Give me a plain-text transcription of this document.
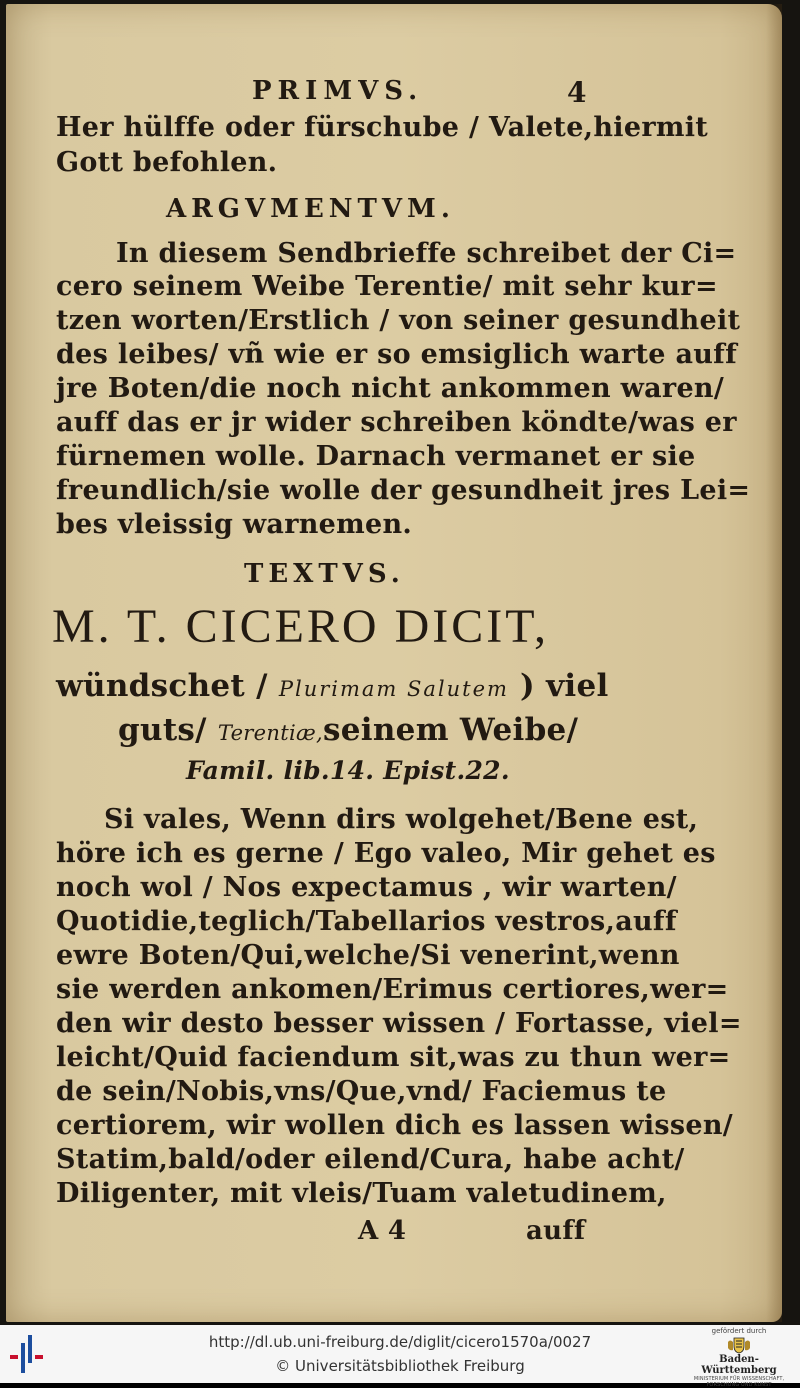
PRIMVS.	4
Her hülffe oder fürschube / Valete,hiermit
Gott befohlen.
ARGVMENTVM.
In diesem Sendbrieffe schreibet der Ci=
cero seinem Weibe Terentie/ mit sehr kur=
tzen worten/Erstlich / von seiner gesundheit
des leibes/ vñ wie er so emsiglich warte auff
jre Boten/die noch nicht ankommen waren/
auff das er jr wider schreiben köndte/was er
fürnemen wolle. Darnach vermanet er sie
freundlich/sie wolle der gesundheit jres Lei=
bes vleissig warnemen.
TEXTVS.
M. T. CICERO DICIT,
wündschet / Plurimam Salutem ) viel
guts/ Terentiæ,seinem Weibe/
Famil. lib.14. Epist.22.
Si vales, Wenn dirs wolgehet/Bene est,
höre ich es gerne / Ego valeo, Mir gehet es
noch wol / Nos expectamus , wir warten/
Quotidie,teglich/Tabellarios vestros,auff
ewre Boten/Qui,welche/Si venerint,wenn
sie werden ankomen/Erimus certiores,wer=
den wir desto besser wissen / Fortasse, viel=
leicht/Quid faciendum sit,was zu thun wer=
de sein/Nobis,vns/Que,vnd/ Faciemus te
certiorem, wir wollen dich es lassen wissen/
Statim,bald/oder eilend/Cura, habe acht/
Diligenter, mit vleis/Tuam valetudinem,
A 4	auff
http://dl.ub.uni-freiburg.de/diglit/cicero1570a/0027
© Universitätsbibliothek Freiburg
gefördert durch
Baden-Württemberg
MINISTERIUM FÜR WISSENSCHAFT, FORSCHUNG UND KUNST
